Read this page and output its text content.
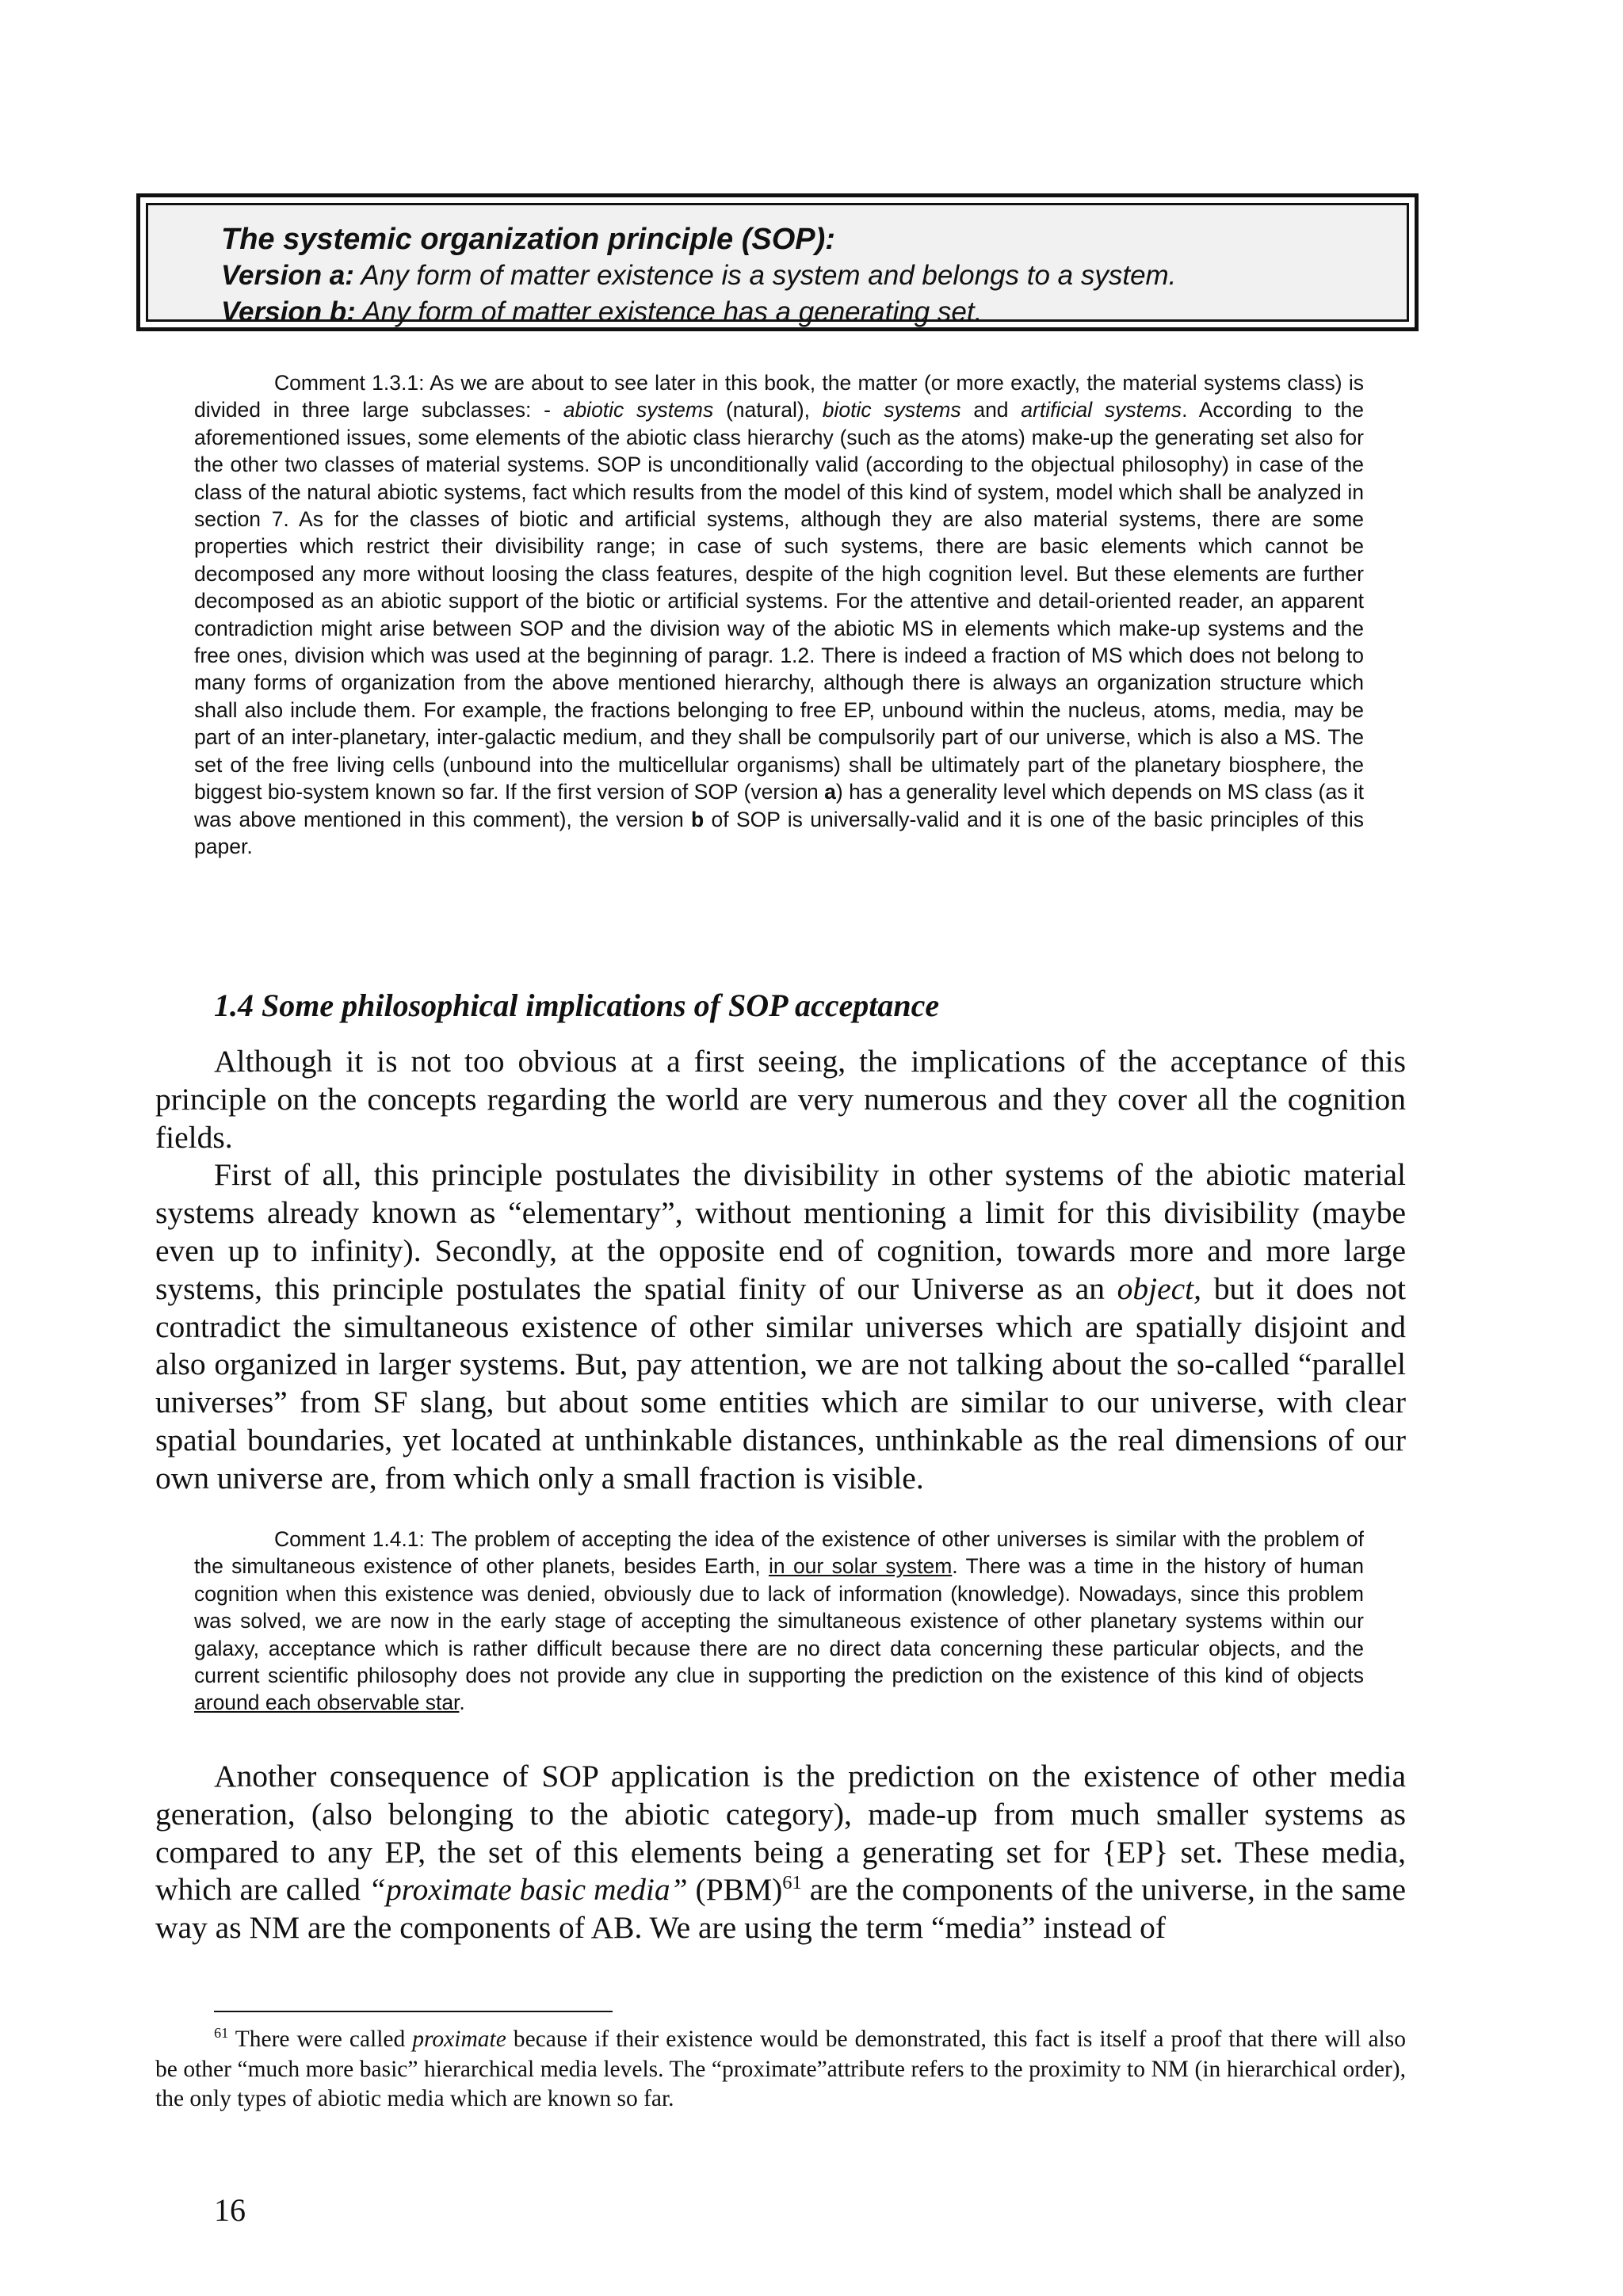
The systemic organization principle (SOP):
Version a: Any form of matter existence is a system and belongs to a system.
Version b: Any form of matter existence has a generating set.

Comment 1.3.1: As we are about to see later in this book, the matter (or more exactly, the material systems class) is divided in three large subclasses: - abiotic systems (natural), biotic systems and artificial systems. According to the aforementioned issues, some elements of the abiotic class hierarchy (such as the atoms) make-up the generating set also for the other two classes of material systems. SOP is unconditionally valid (according to the objectual philosophy) in case of the class of the natural abiotic systems, fact which results from the model of this kind of system, model which shall be analyzed in section 7. As for the classes of biotic and artificial systems, although they are also material systems, there are some properties which restrict their divisibility range; in case of such systems, there are basic elements which cannot be decomposed any more without loosing the class features, despite of the high cognition level. But these elements are further decomposed as an abiotic support of the biotic or artificial systems. For the attentive and detail-oriented reader, an apparent contradiction might arise between SOP and the division way of the abiotic MS in elements which make-up systems and the free ones, division which was used at the beginning of paragr. 1.2. There is indeed a fraction of MS which does not belong to many forms of organization from the above mentioned hierarchy, although there is always an organization structure which shall also include them. For example, the fractions belonging to free EP, unbound within the nucleus, atoms, media, may be part of an inter-planetary, inter-galactic medium, and they shall be compulsorily part of our universe, which is also a MS. The set of the free living cells (unbound into the multicellular organisms) shall be ultimately part of the planetary biosphere, the biggest bio-system known so far. If the first version of SOP (version a) has a generality level which depends on MS class (as it was above mentioned in this comment), the version b of SOP is universally-valid and it is one of the basic principles of this paper.

1.4 Some philosophical implications of SOP acceptance

Although it is not too obvious at a first seeing, the implications of the acceptance of this principle on the concepts regarding the world are very numerous and they cover all the cognition fields.

First of all, this principle postulates the divisibility in other systems of the abiotic material systems already known as “elementary”, without mentioning a limit for this divisibility (maybe even up to infinity). Secondly, at the opposite end of cognition, towards more and more large systems, this principle postulates the spatial finity of our Universe as an object, but it does not contradict the simultaneous existence of other similar universes which are spatially disjoint and also organized in larger systems. But, pay attention, we are not talking about the so-called “parallel universes” from SF slang, but about some entities which are similar to our universe, with clear spatial boundaries, yet located at unthinkable distances, unthinkable as the real dimensions of our own universe are, from which only a small fraction is visible.

Comment 1.4.1: The problem of accepting the idea of the existence of other universes is similar with the problem of the simultaneous existence of other planets, besides Earth, in our solar system. There was a time in the history of human cognition when this existence was denied, obviously due to lack of information (knowledge). Nowadays, since this problem was solved, we are now in the early stage of accepting the simultaneous existence of other planetary systems within our galaxy, acceptance which is rather difficult because there are no direct data concerning these particular objects, and the current scientific philosophy does not provide any clue in supporting the prediction on the existence of this kind of objects around each observable star.

Another consequence of SOP application is the prediction on the existence of other media generation, (also belonging to the abiotic category), made-up from much smaller systems as compared to any EP, the set of this elements being a generating set for {EP} set. These media, which are called “proximate basic media” (PBM)$^{61}$ are the components of the universe, in the same way as NM are the components of AB. We are using the term “media” instead of

$^{61}$ There were called proximate because if their existence would be demonstrated, this fact is itself a proof that there will also be other “much more basic” hierarchical media levels. The “proximate”attribute refers to the proximity to NM (in hierarchical order), the only types of abiotic media which are known so far.

16
